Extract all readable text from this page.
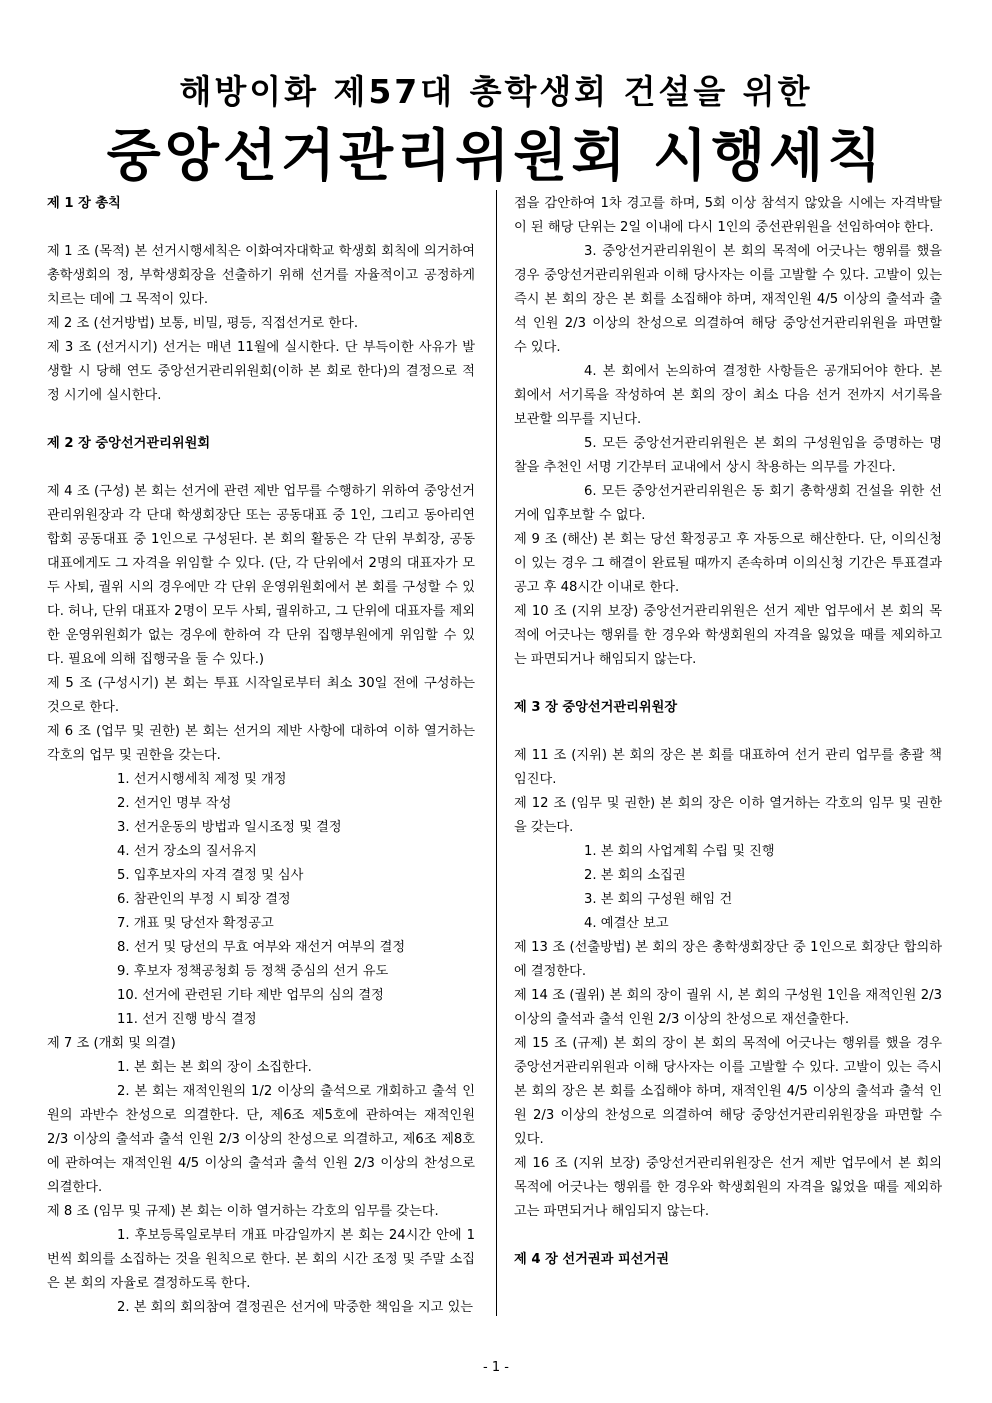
해방이화 제57대 총학생회 건설을 위한
중앙선거관리위원회 시행세칙

제 1 장 총칙

제 1 조 (목적) 본 선거시행세칙은 이화여자대학교 학생회 회칙에 의거하여 총학생회의 정, 부학생회장을 선출하기 위해 선거를 자율적이고 공정하게 치르는 데에 그 목적이 있다.

제 2 조 (선거방법) 보통, 비밀, 평등, 직접선거로 한다.

제 3 조 (선거시기) 선거는 매년 11월에 실시한다. 단 부득이한 사유가 발생할 시 당해 연도 중앙선거관리위원회(이하 본 회로 한다)의 결정으로 적정 시기에 실시한다.

제 2 장 중앙선거관리위원회

제 4 조 (구성) 본 회는 선거에 관련 제반 업무를 수행하기 위하여 중앙선거관리위원장과 각 단대 학생회장단 또는 공동대표 중 1인, 그리고 동아리연합회 공동대표 중 1인으로 구성된다. 본 회의 활동은 각 단위 부회장, 공동대표에게도 그 자격을 위임할 수 있다. (단, 각 단위에서 2명의 대표자가 모두 사퇴, 궐위 시의 경우에만 각 단위 운영위원회에서 본 회를 구성할 수 있다. 허나, 단위 대표자 2명이 모두 사퇴, 궐위하고, 그 단위에 대표자를 제외한 운영위원회가 없는 경우에 한하여 각 단위 집행부원에게 위임할 수 있다. 필요에 의해 집행국을 둘 수 있다.)

제 5 조 (구성시기) 본 회는 투표 시작일로부터 최소 30일 전에 구성하는 것으로 한다.

제 6 조 (업무 및 권한) 본 회는 선거의 제반 사항에 대하여 이하 열거하는 각호의 업무 및 권한을 갖는다.

1. 선거시행세칙 제정 및 개정

2. 선거인 명부 작성

3. 선거운동의 방법과 일시조정 및 결정

4. 선거 장소의 질서유지

5. 입후보자의 자격 결정 및 심사

6. 참관인의 부정 시 퇴장 결정

7. 개표 및 당선자 확정공고

8. 선거 및 당선의 무효 여부와 재선거 여부의 결정

9. 후보자 정책공청회 등 정책 중심의 선거 유도

10. 선거에 관련된 기타 제반 업무의 심의 결정

11. 선거 진행 방식 결정

제 7 조 (개회 및 의결)

1. 본 회는 본 회의 장이 소집한다.

2. 본 회는 재적인원의 1/2 이상의 출석으로 개회하고 출석 인원의 과반수 찬성으로 의결한다. 단, 제6조 제5호에 관하여는 재적인원 2/3 이상의 출석과 출석 인원 2/3 이상의 찬성으로 의결하고, 제6조 제8호에 관하여는 재적인원 4/5 이상의 출석과 출석 인원 2/3 이상의 찬성으로 의결한다.

제 8 조 (임무 및 규제) 본 회는 이하 열거하는 각호의 임무를 갖는다.

1. 후보등록일로부터 개표 마감일까지 본 회는 24시간 안에 1번씩 회의를 소집하는 것을 원칙으로 한다. 본 회의 시간 조정 및 주말 소집은 본 회의 자율로 결정하도록 한다.

2. 본 회의 회의참여 결정권은 선거에 막중한 책임을 지고 있는

점을 감안하여 1차 경고를 하며, 5회 이상 참석지 않았을 시에는 자격박탈이 된 해당 단위는 2일 이내에 다시 1인의 중선관위원을 선임하여야 한다.

3. 중앙선거관리위원이 본 회의 목적에 어긋나는 행위를 했을 경우 중앙선거관리위원과 이해 당사자는 이를 고발할 수 있다. 고발이 있는 즉시 본 회의 장은 본 회를 소집해야 하며, 재적인원 4/5 이상의 출석과 출석 인원 2/3 이상의 찬성으로 의결하여 해당 중앙선거관리위원을 파면할 수 있다.

4. 본 회에서 논의하여 결정한 사항들은 공개되어야 한다. 본 회에서 서기록을 작성하여 본 회의 장이 최소 다음 선거 전까지 서기록을 보관할 의무를 지닌다.

5. 모든 중앙선거관리위원은 본 회의 구성원임을 증명하는 명찰을 추천인 서명 기간부터 교내에서 상시 착용하는 의무를 가진다.

6. 모든 중앙선거관리위원은 동 회기 총학생회 건설을 위한 선거에 입후보할 수 없다.

제 9 조 (해산) 본 회는 당선 확정공고 후 자동으로 해산한다. 단, 이의신청이 있는 경우 그 해결이 완료될 때까지 존속하며 이의신청 기간은 투표결과 공고 후 48시간 이내로 한다.

제 10 조 (지위 보장) 중앙선거관리위원은 선거 제반 업무에서 본 회의 목적에 어긋나는 행위를 한 경우와 학생회원의 자격을 잃었을 때를 제외하고는 파면되거나 해임되지 않는다.

제 3 장 중앙선거관리위원장

제 11 조 (지위) 본 회의 장은 본 회를 대표하여 선거 관리 업무를 총괄 책임진다.

제 12 조 (임무 및 권한) 본 회의 장은 이하 열거하는 각호의 임무 및 권한을 갖는다.

1. 본 회의 사업계획 수립 및 진행

2. 본 회의 소집권

3. 본 회의 구성원 해임 건

4. 예결산 보고

제 13 조 (선출방법) 본 회의 장은 총학생회장단 중 1인으로 회장단 합의하에 결정한다.

제 14 조 (궐위) 본 회의 장이 궐위 시, 본 회의 구성원 1인을 재적인원 2/3 이상의 출석과 출석 인원 2/3 이상의 찬성으로 재선출한다.

제 15 조 (규제) 본 회의 장이 본 회의 목적에 어긋나는 행위를 했을 경우 중앙선거관리위원과 이해 당사자는 이를 고발할 수 있다. 고발이 있는 즉시 본 회의 장은 본 회를 소집해야 하며, 재적인원 4/5 이상의 출석과 출석 인원 2/3 이상의 찬성으로 의결하여 해당 중앙선거관리위원장을 파면할 수 있다.

제 16 조 (지위 보장) 중앙선거관리위원장은 선거 제반 업무에서 본 회의 목적에 어긋나는 행위를 한 경우와 학생회원의 자격을 잃었을 때를 제외하고는 파면되거나 해임되지 않는다.

제 4 장 선거권과 피선거권

- 1 -
